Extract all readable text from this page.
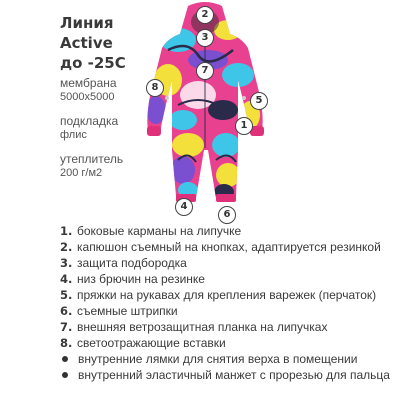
Линия
Active
до -25С
мембрана
5000х5000
подкладка
флис
утеплитель
200 г/м2
2
3
7
8
5
1
4
6
1. боковые карманы на липучке
2. капюшон съемный на кнопках, адаптируется резинкой
3. защита подбородка
4. низ брючин на резинке
5. пряжки на рукавах для крепления варежек (перчаток)
6. съемные штрипки
7. внешняя ветрозащитная планка на липучках
8. светоотражающие вставки
внутренние лямки для снятия верха в помещении
внутренний эластичный манжет с прорезью для пальца
